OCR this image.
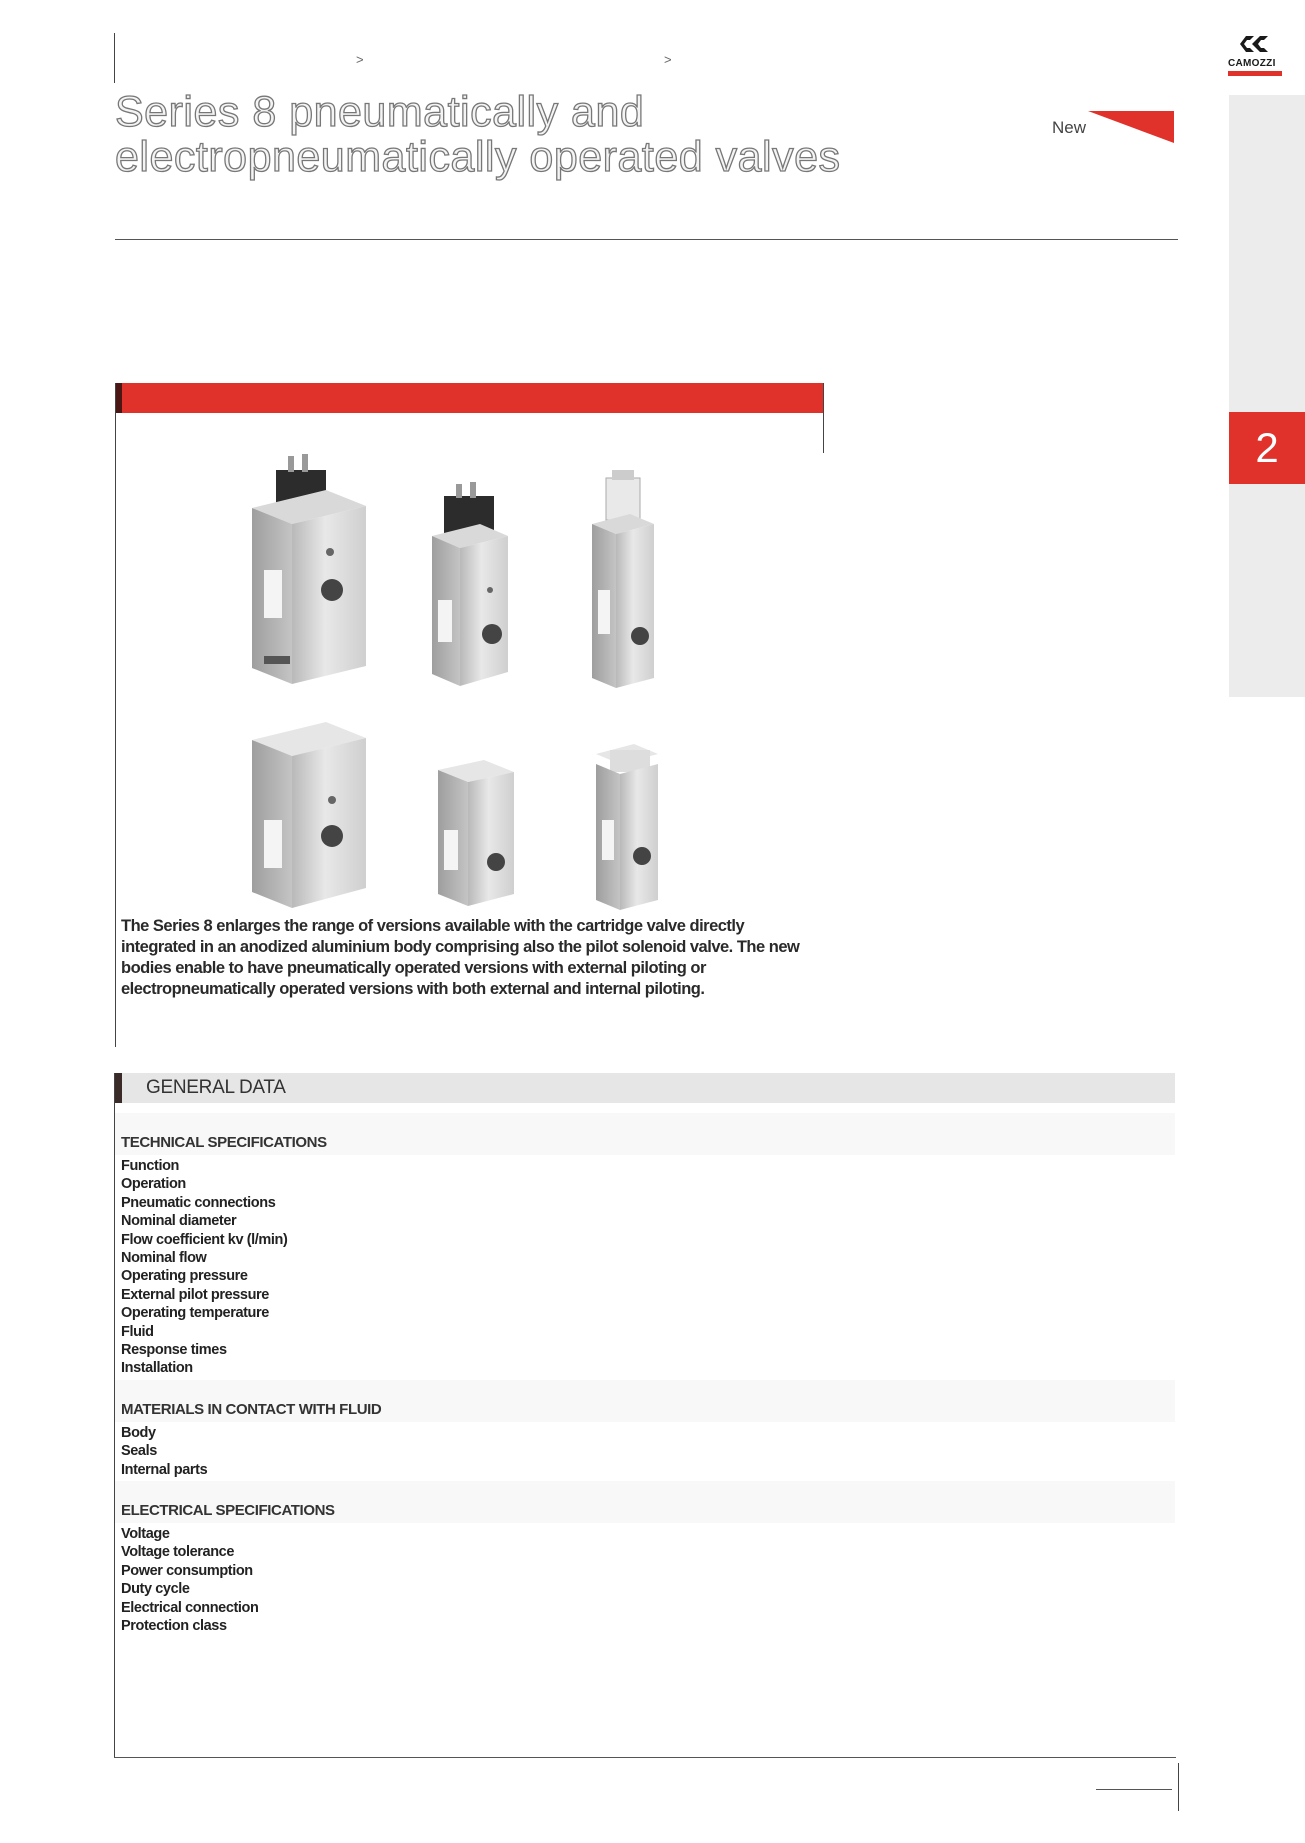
>	>
Series 8 pneumatically and
electropneumatically operated valves
New
CAMOZZI
2
The Series 8 enlarges the range of versions available with the cartridge valve directly integrated in an anodized aluminium body comprising also the pilot solenoid valve. The new bodies enable to have pneumatically operated versions with external piloting or electropneumatically operated versions with both external and internal piloting.
GENERAL DATA
TECHNICAL SPECIFICATIONS
Function
Operation
Pneumatic connections
Nominal diameter
Flow coefficient kv (l/min)
Nominal flow
Operating pressure
External pilot pressure
Operating temperature
Fluid
Response times
Installation
MATERIALS IN CONTACT WITH FLUID
Body
Seals
Internal parts
ELECTRICAL SPECIFICATIONS
Voltage
Voltage tolerance
Power consumption
Duty cycle
Electrical connection
Protection class
